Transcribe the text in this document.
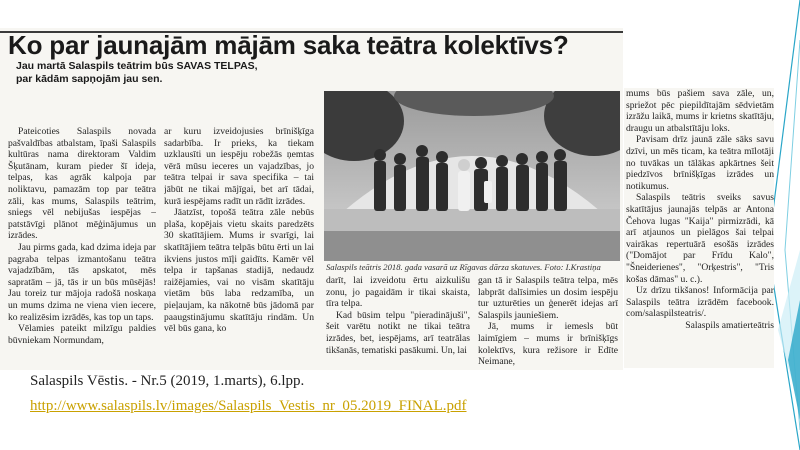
Ko par jaunajām mājām saka teātra kolektīvs?
Jau martā Salaspils teātrim būs SAVAS TELPAS,
par kādām sapņojām jau sen.

Pateicoties Salaspils novada pašvaldības atbalstam, īpaši Salaspils kultūras nama direktoram Valdim Šķutānam, kuram pieder šī ideja, telpas, kas agrāk kalpoja par noliktavu, pamazām top par teātra zāli, kas mums, Salaspils teātrim, sniegs vēl nebijušas iespējas – patstāvīgi plānot mēģinājumus un izrādes.

Jau pirms gada, kad dzima ideja par pagraba telpas izmantošanu teātra vajadzībām, tās apskatot, mēs sapratām – jā, tās ir un būs mūsējās! Jau toreiz tur mājoja radošā noskaņa un mums dzima ne viena vien iecere, ko realizēsim izrādēs, kas top un taps.

Vēlamies pateikt milzīgu paldies būvniekam Normundam,

ar kuru izveidojusies brīnišķīga sadarbība. Ir prieks, ka tiekam uzklausīti un iespēju robežās ņemtas vērā mūsu ieceres un vajadzības, jo teātra telpai ir sava specifika – tai jābūt ne tikai mājīgai, bet arī tādai, kurā iespējams radīt un rādīt izrādes.

Jāatzīst, topošā teātra zāle nebūs plaša, kopējais vietu skaits paredzēts 30 skatītājiem. Mums ir svarīgi, lai skatītājiem teātra telpās būtu ērti un lai ikviens justos mīļi gaidīts. Kamēr vēl telpa ir tapšanas stadijā, nedaudz raižējamies, vai no visām skatītāju vietām būs laba redzamība, un pieļaujam, ka nākotnē būs jādomā par paaugstinājumu skatītāju rindām. Un vēl būs gana, ko

Salaspils teātris 2018. gada vasarā uz Rīgavas dārza skatuves. Foto: I.Krastiņa

darīt, lai izveidotu ērtu aizkulišu zonu, jo pagaidām ir tikai skaista, tīra telpa.

Kad būsim telpu "pieradinājuši", šeit varētu notikt ne tikai teātra izrādes, bet, iespējams, arī teatrālas tikšanās, tematiski pasākumi. Un, lai

gan tā ir Salaspils teātra telpa, mēs labprāt dalīsimies un dosim iespēju tur uzturēties un ģenerēt idejas arī Salaspils jauniešiem.

Jā, mums ir iemesls būt laimīgiem – mums ir brīnišķīgs kolektīvs, kura režisore ir Edīte Neimane,

mums būs pašiem sava zāle, un, spriežot pēc piepildītajām sēdvietām izrāžu laikā, mums ir krietns skatītāju, draugu un atbalstītāju loks.

Pavisam drīz jaunā zāle sāks savu dzīvi, un mēs ticam, ka teātra mīlotāji no tuvākas un tālākas apkārtnes šeit piedzīvos brīnišķīgas izrādes un notikumus.

Salaspils teātris sveiks savus skatītājus jaunajās telpās ar Antona Čehova lugas "Kaija" pirmizrādi, kā arī atjaunos un pielāgos šai telpai vairākas repertuārā esošās izrādes ("Domājot par Frīdu Kalo", "Šneiderienes", "Orķestris", "Tris košas dāmas" u. c.).

Uz drīzu tikšanos! Informācija par Salaspils teātra izrādēm facebook. com/salaspilsteatris/.

Salaspils amatierteātris

Salaspils Vēstis. - Nr.5 (2019, 1.marts), 6.lpp.
http://www.salaspils.lv/images/Salaspils_Vestis_nr_05.2019_FINAL.pdf
